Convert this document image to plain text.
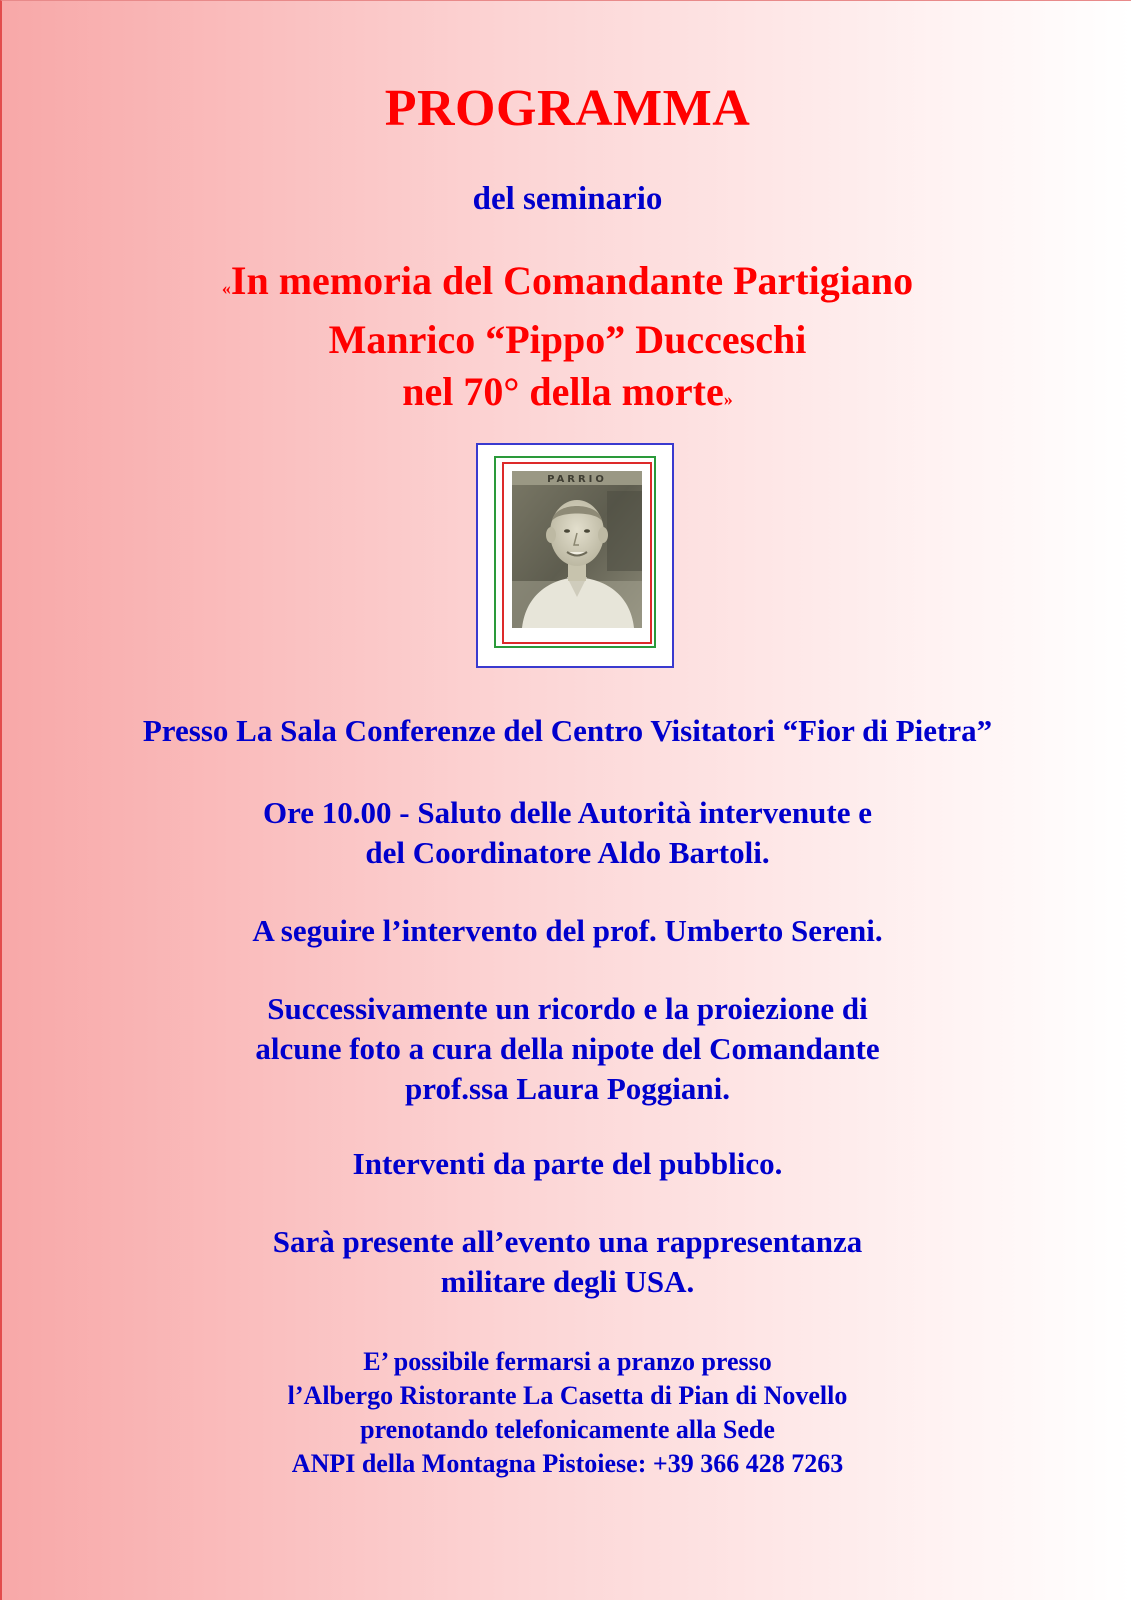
PROGRAMMA
del seminario
«In memoria del Comandante Partigiano
Manrico “Pippo” Ducceschi
nel 70° della morte»
PARRIO
Presso La Sala Conferenze del Centro Visitatori “Fior di Pietra”
Ore 10.00 - Saluto delle Autorità intervenute e
del Coordinatore Aldo Bartoli.
A seguire l’intervento del prof. Umberto Sereni.
Successivamente un ricordo e la proiezione di
alcune foto a cura della nipote del Comandante
prof.ssa Laura Poggiani.
Interventi da parte del pubblico.
Sarà presente all’evento una rappresentanza
militare degli USA.
E’ possibile fermarsi a pranzo presso
l’Albergo Ristorante La Casetta di Pian di Novello
prenotando telefonicamente alla Sede
ANPI della Montagna Pistoiese: +39 366 428 7263
